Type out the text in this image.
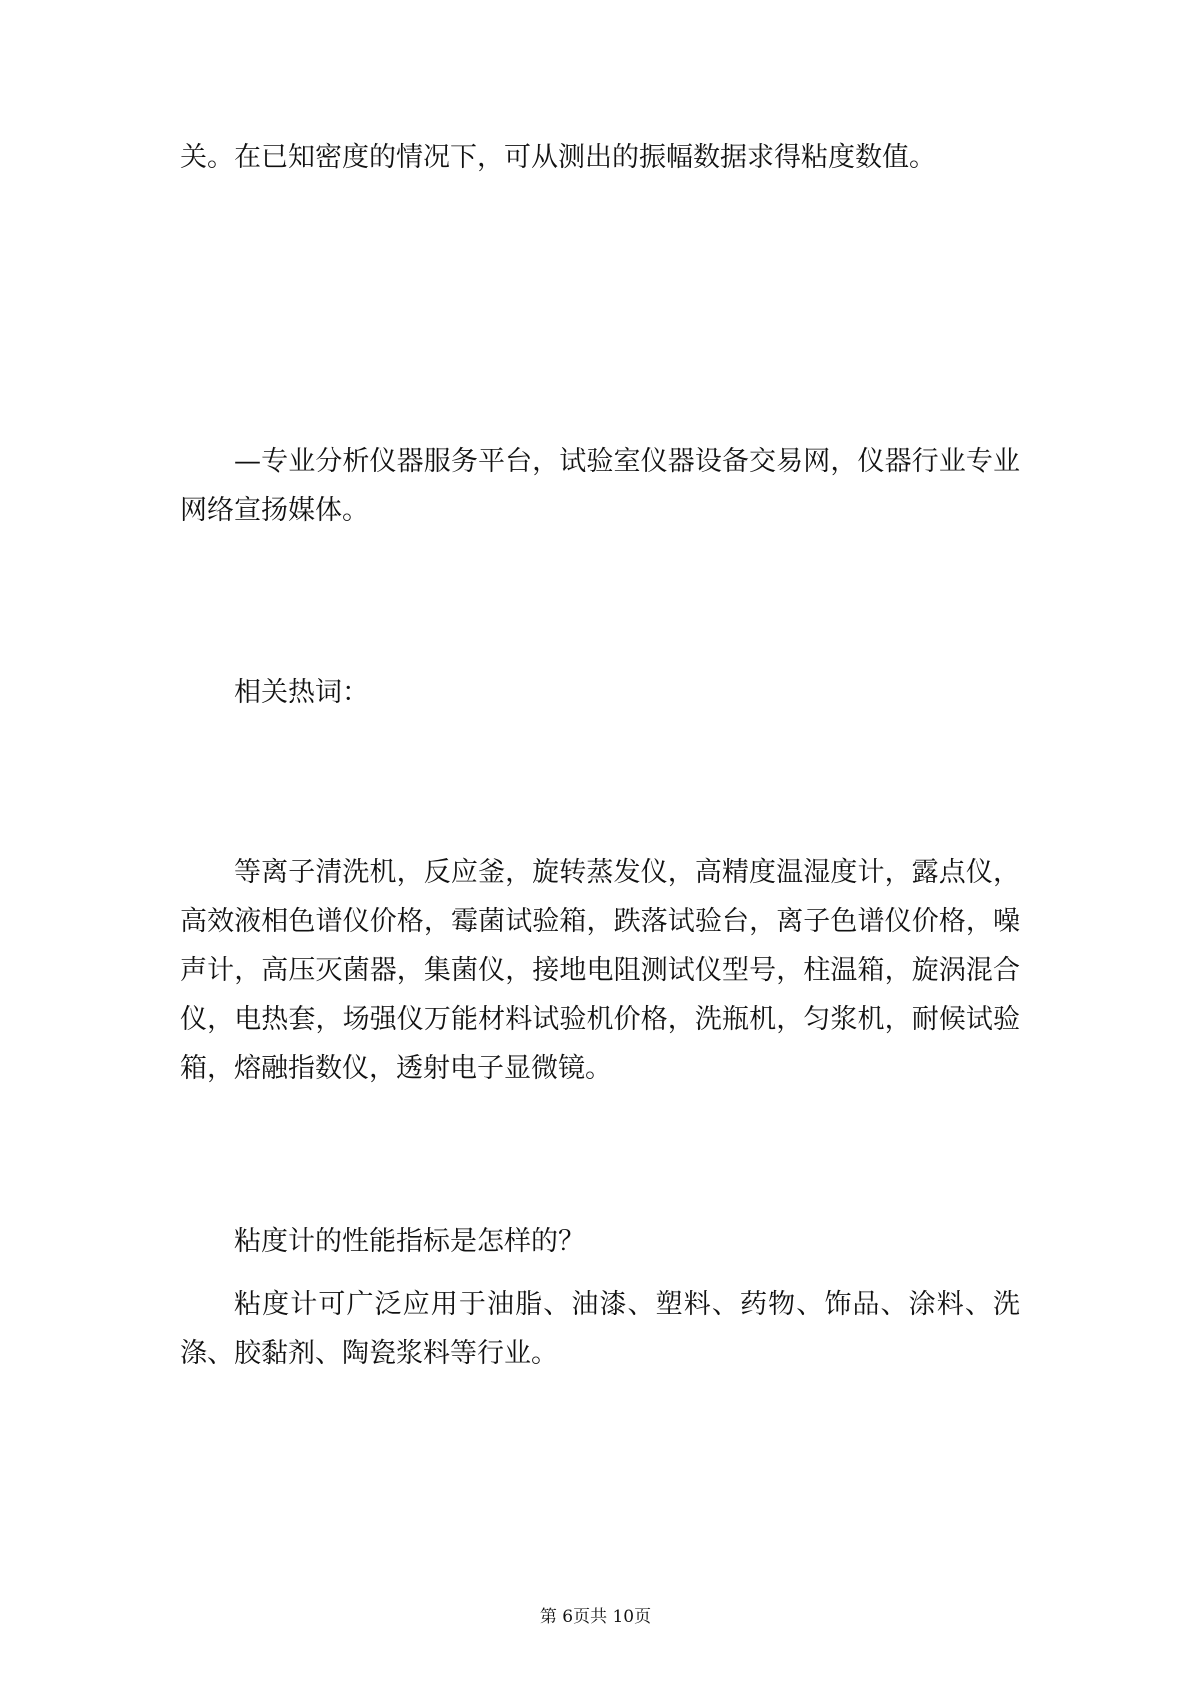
关。在已知密度的情况下，可从测出的振幅数据求得粘度数值。

—专业分析仪器服务平台，试验室仪器设备交易网，仪器行业专业网络宣扬媒体。

相关热词：

等离子清洗机，反应釜，旋转蒸发仪，高精度温湿度计，露点仪，高效液相色谱仪价格，霉菌试验箱，跌落试验台，离子色谱仪价格，噪声计，高压灭菌器，集菌仪，接地电阻测试仪型号，柱温箱，旋涡混合仪，电热套，场强仪万能材料试验机价格，洗瓶机，匀浆机，耐候试验箱，熔融指数仪，透射电子显微镜。

粘度计的性能指标是怎样的？

粘度计可广泛应用于油脂、油漆、塑料、药物、饰品、涂料、洗涤、胶黏剂、陶瓷浆料等行业。

第 6页共 10页
